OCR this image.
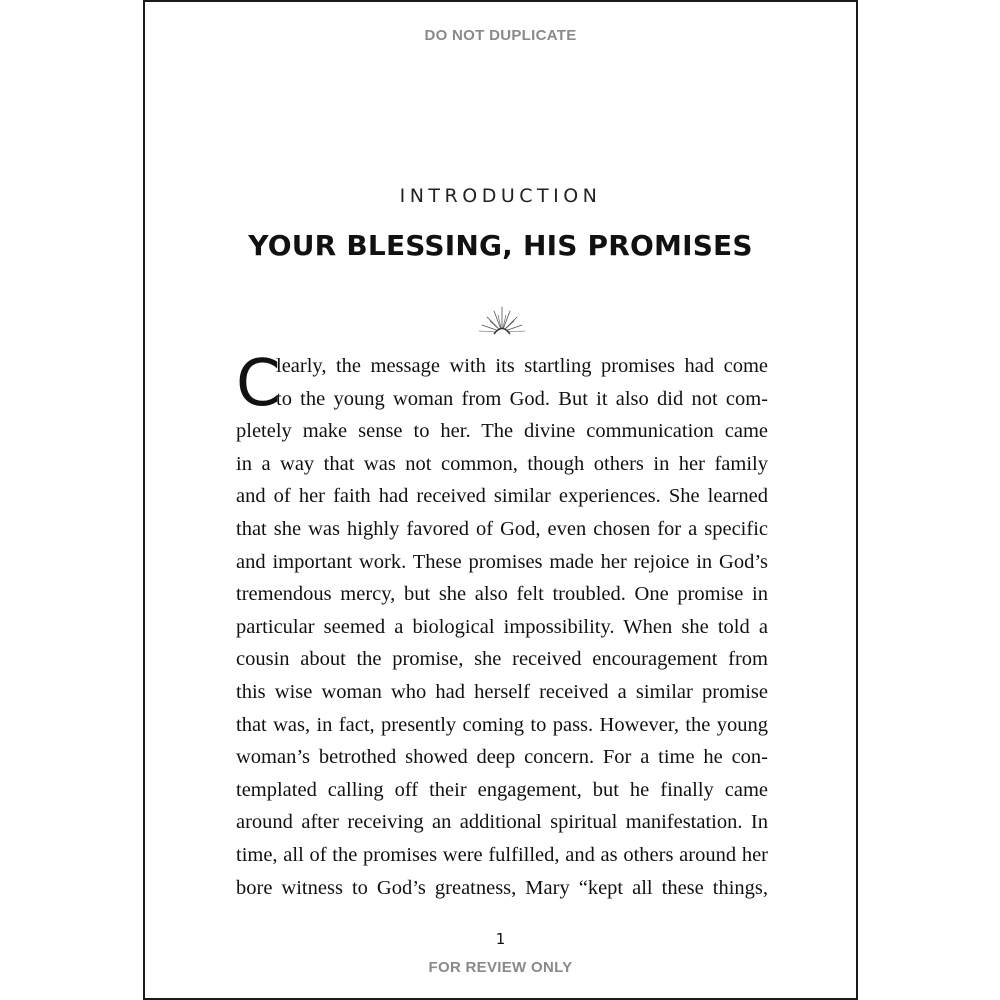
DO NOT DUPLICATE
INTRODUCTION
YOUR BLESSING, HIS PROMISES
C
learly, the message with its startling promises had come
to the young woman from God. But it also did not com-
pletely make sense to her. The divine communication came
in a way that was not common, though others in her family
and of her faith had received similar experiences. She learned
that she was highly favored of God, even chosen for a specific
and important work. These promises made her rejoice in God’s
tremendous mercy, but she also felt troubled. One promise in
particular seemed a biological impossibility. When she told a
cousin about the promise, she received encouragement from
this wise woman who had herself received a similar promise
that was, in fact, presently coming to pass. However, the young
woman’s betrothed showed deep concern. For a time he con-
templated calling off their engagement, but he finally came
around after receiving an additional spiritual manifestation. In
time, all of the promises were fulfilled, and as others around her
bore witness to God’s greatness, Mary “kept all these things,
1
FOR REVIEW ONLY
